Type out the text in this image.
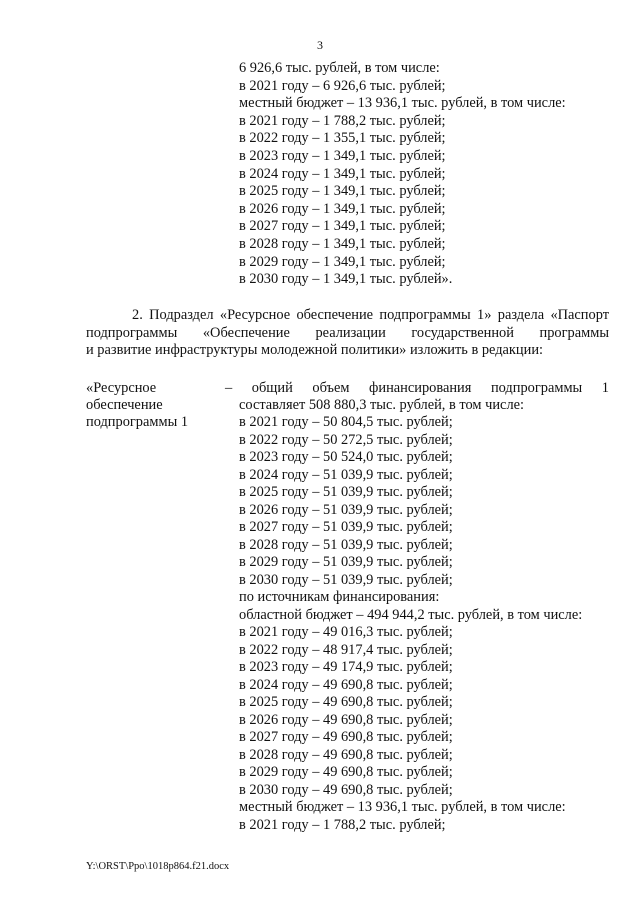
3
6 926,6 тыс. рублей, в том числе:
в 2021 году – 6 926,6 тыс. рублей;
местный бюджет – 13 936,1 тыс. рублей, в том числе:
в 2021 году – 1 788,2 тыс. рублей;
в 2022 году – 1 355,1 тыс. рублей;
в 2023 году – 1 349,1 тыс. рублей;
в 2024 году – 1 349,1 тыс. рублей;
в 2025 году – 1 349,1 тыс. рублей;
в 2026 году – 1 349,1 тыс. рублей;
в 2027 году – 1 349,1 тыс. рублей;
в 2028 году – 1 349,1 тыс. рублей;
в 2029 году – 1 349,1 тыс. рублей;
в 2030 году – 1 349,1 тыс. рублей».
2. Подраздел «Ресурсное обеспечение подпрограммы 1» раздела «Паспорт
подпрограммы «Обеспечение реализации государственной программы
и развитие инфраструктуры молодежной политики» изложить в редакции:
«Ресурсное
обеспечение
подпрограммы 1
– общий объем финансирования подпрограммы 1
составляет 508 880,3 тыс. рублей, в том числе:
в 2021 году – 50 804,5 тыс. рублей;
в 2022 году – 50 272,5 тыс. рублей;
в 2023 году – 50 524,0 тыс. рублей;
в 2024 году – 51 039,9 тыс. рублей;
в 2025 году – 51 039,9 тыс. рублей;
в 2026 году – 51 039,9 тыс. рублей;
в 2027 году – 51 039,9 тыс. рублей;
в 2028 году – 51 039,9 тыс. рублей;
в 2029 году – 51 039,9 тыс. рублей;
в 2030 году – 51 039,9 тыс. рублей;
по источникам финансирования:
областной бюджет – 494 944,2 тыс. рублей, в том числе:
в 2021 году – 49 016,3 тыс. рублей;
в 2022 году – 48 917,4 тыс. рублей;
в 2023 году – 49 174,9 тыс. рублей;
в 2024 году – 49 690,8 тыс. рублей;
в 2025 году – 49 690,8 тыс. рублей;
в 2026 году – 49 690,8 тыс. рублей;
в 2027 году – 49 690,8 тыс. рублей;
в 2028 году – 49 690,8 тыс. рублей;
в 2029 году – 49 690,8 тыс. рублей;
в 2030 году – 49 690,8 тыс. рублей;
местный бюджет – 13 936,1 тыс. рублей, в том числе:
в 2021 году – 1 788,2 тыс. рублей;
Y:\ORST\Ppo\1018p864.f21.docx
